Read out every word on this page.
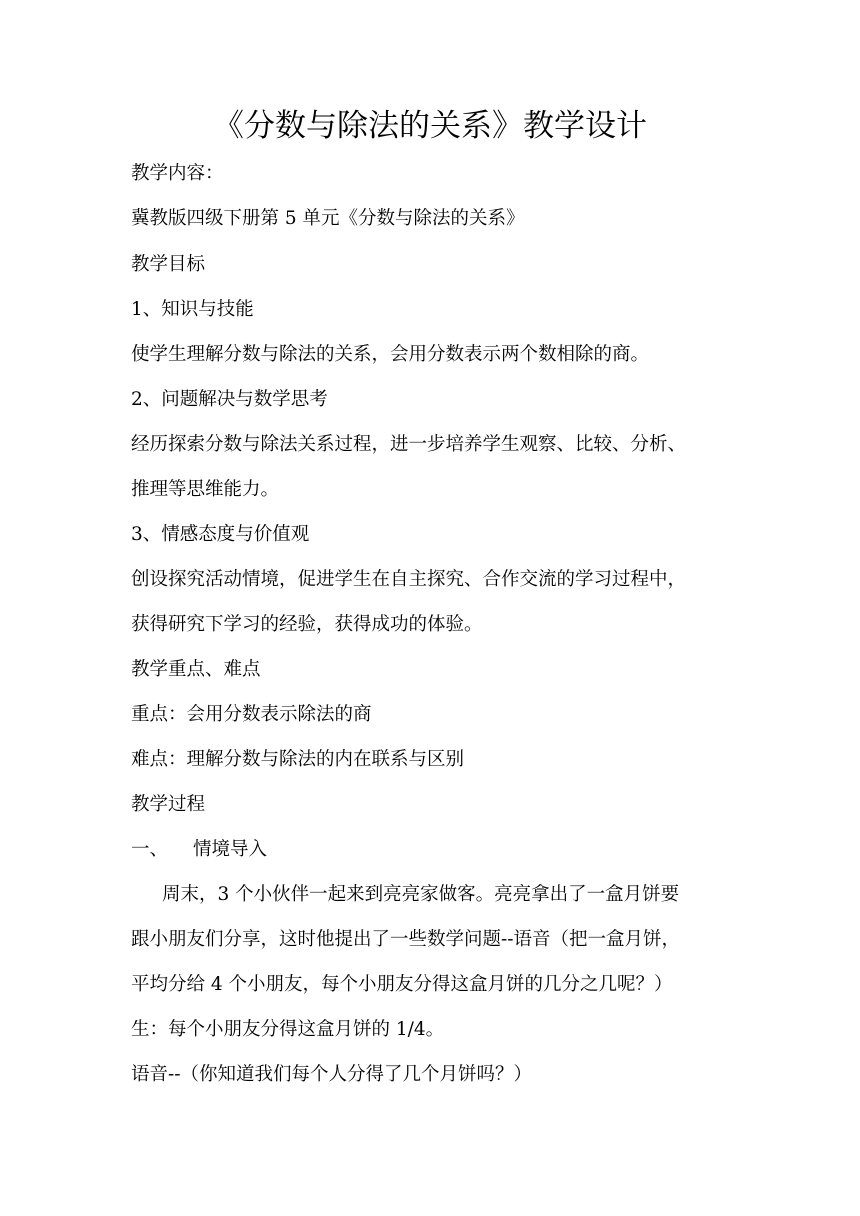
《分数与除法的关系》教学设计
教学内容：
冀教版四级下册第 5 单元《分数与除法的关系》
教学目标
1、知识与技能
使学生理解分数与除法的关系，会用分数表示两个数相除的商。
2、问题解决与数学思考
经历探索分数与除法关系过程，进一步培养学生观察、比较、分析、
推理等思维能力。
3、情感态度与价值观
创设探究活动情境，促进学生在自主探究、合作交流的学习过程中，
获得研究下学习的经验，获得成功的体验。
教学重点、难点
重点：会用分数表示除法的商
难点：理解分数与除法的内在联系与区别
教学过程
一、 情境导入
周末，3 个小伙伴一起来到亮亮家做客。亮亮拿出了一盒月饼要
跟小朋友们分享，这时他提出了一些数学问题--语音（把一盒月饼，
平均分给 4 个小朋友，每个小朋友分得这盒月饼的几分之几呢？）
生：每个小朋友分得这盒月饼的 1/4。
语音--（你知道我们每个人分得了几个月饼吗？）
